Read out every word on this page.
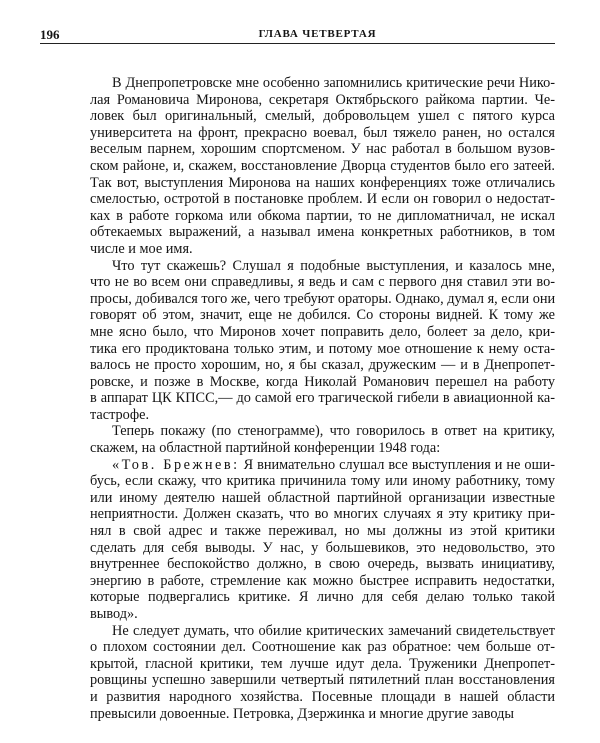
196	ГЛАВА ЧЕТВЕРТАЯ
В Днепропетровске мне особенно запомнились критические речи Нико-
лая Романовича Миронова, секретаря Октябрьского райкома партии. Че-
ловек был оригинальный, смелый, добровольцем ушел с пятого курса
университета на фронт, прекрасно воевал, был тяжело ранен, но остался
веселым парнем, хорошим спортсменом. У нас работал в большом вузов-
ском районе, и, скажем, восстановление Дворца студентов было его затеей.
Так вот, выступления Миронова на наших конференциях тоже отличались
смелостью, остротой в постановке проблем. И если он говорил о недостат-
ках в работе горкома или обкома партии, то не дипломатничал, не искал
обтекаемых выражений, а называл имена конкретных работников, в том
числе и мое имя.
Что тут скажешь? Слушал я подобные выступления, и казалось мне,
что не во всем они справедливы, я ведь и сам с первого дня ставил эти во-
просы, добивался того же, чего требуют ораторы. Однако, думал я, если они
говорят об этом, значит, еще не добился. Со стороны видней. К тому же
мне ясно было, что Миронов хочет поправить дело, болеет за дело, кри-
тика его продиктована только этим, и потому мое отношение к нему оста-
валось не просто хорошим, но, я бы сказал, дружеским — и в Днепропет-
ровске, и позже в Москве, когда Николай Романович перешел на работу
в аппарат ЦК КПСС,— до самой его трагической гибели в авиационной ка-
тастрофе.
Теперь покажу (по стенограмме), что говорилось в ответ на критику,
скажем, на областной партийной конференции 1948 года:
«Тов. Брежнев: Я внимательно слушал все выступления и не оши-
бусь, если скажу, что критика причинила тому или иному работнику, тому
или иному деятелю нашей областной партийной организации известные
неприятности. Должен сказать, что во многих случаях я эту критику при-
нял в свой адрес и также переживал, но мы должны из этой критики
сделать для себя выводы. У нас, у большевиков, это недовольство, это
внутреннее беспокойство должно, в свою очередь, вызвать инициативу,
энергию в работе, стремление как можно быстрее исправить недостатки,
которые подвергались критике. Я лично для себя делаю только такой
вывод».
Не следует думать, что обилие критических замечаний свидетельствует
о плохом состоянии дел. Соотношение как раз обратное: чем больше от-
крытой, гласной критики, тем лучше идут дела. Труженики Днепропет-
ровщины успешно завершили четвертый пятилетний план восстановления
и развития народного хозяйства. Посевные площади в нашей области
превысили довоенные. Петровка, Дзержинка и многие другие заводы
